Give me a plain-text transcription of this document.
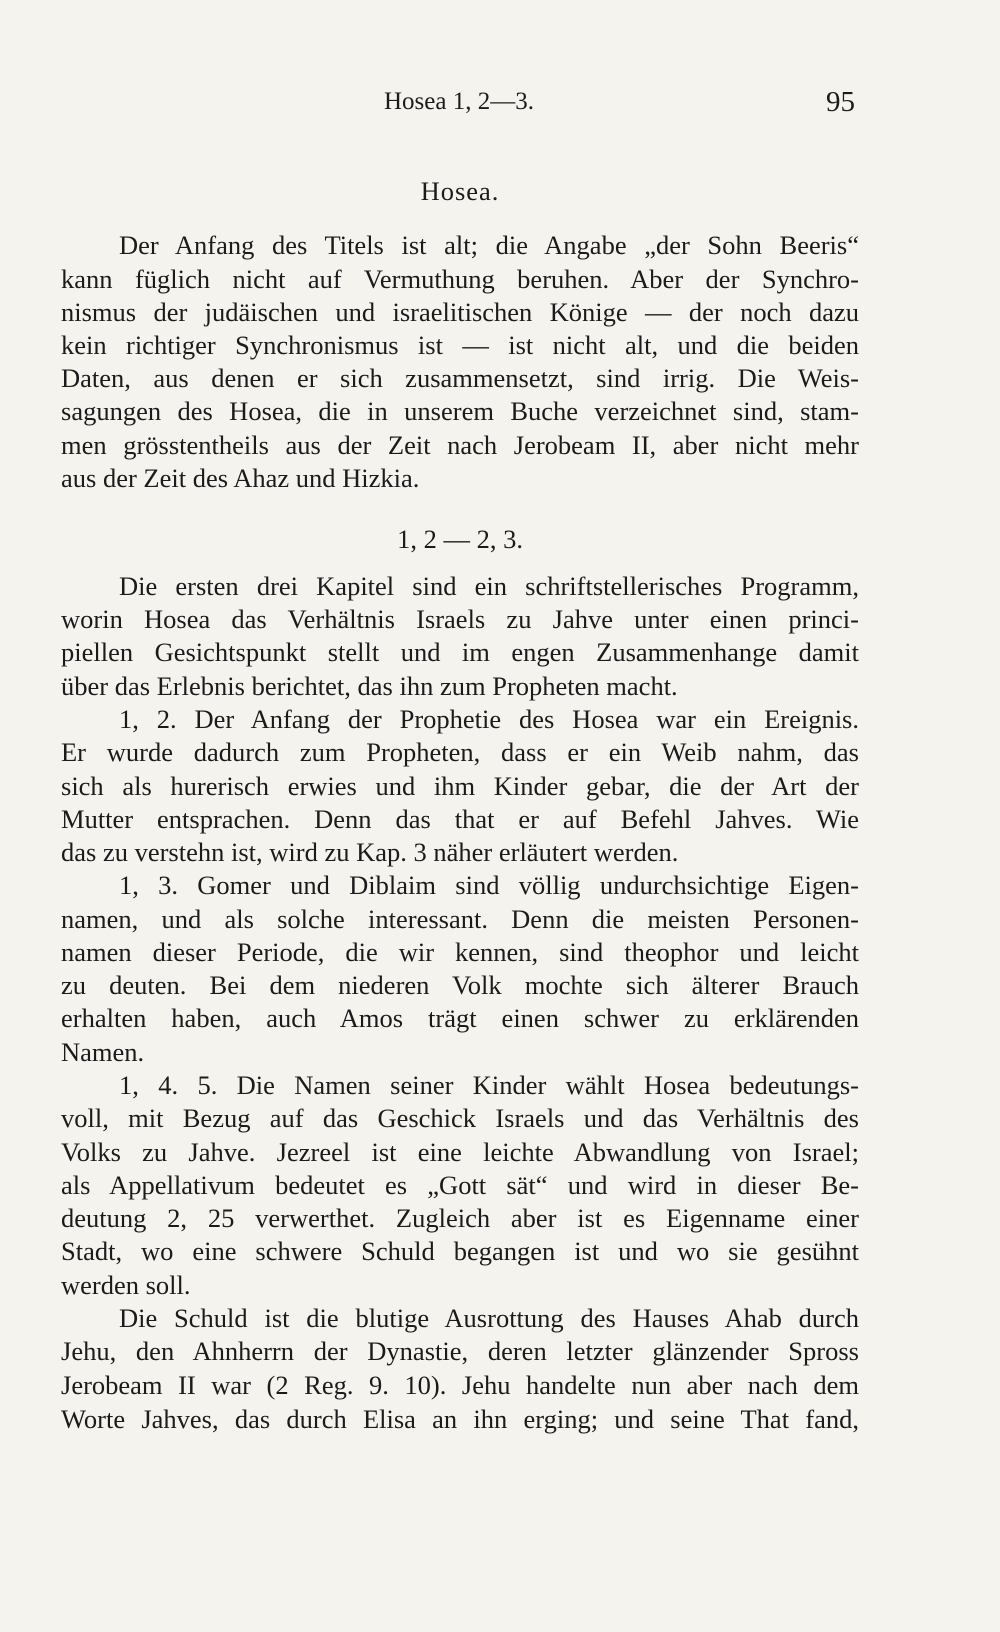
Hosea 1, 2—3.	95
Hosea.
Der Anfang des Titels ist alt; die Angabe „der Sohn Beeris“
kann füglich nicht auf Vermuthung beruhen. Aber der Synchro-
nismus der judäischen und israelitischen Könige — der noch dazu
kein richtiger Synchronismus ist — ist nicht alt, und die beiden
Daten, aus denen er sich zusammensetzt, sind irrig. Die Weis-
sagungen des Hosea, die in unserem Buche verzeichnet sind, stam-
men grösstentheils aus der Zeit nach Jerobeam II, aber nicht mehr
aus der Zeit des Ahaz und Hizkia.
1, 2 — 2, 3.
Die ersten drei Kapitel sind ein schriftstellerisches Programm,
worin Hosea das Verhältnis Israels zu Jahve unter einen princi-
piellen Gesichtspunkt stellt und im engen Zusammenhange damit
über das Erlebnis berichtet, das ihn zum Propheten macht.
1, 2. Der Anfang der Prophetie des Hosea war ein Ereignis.
Er wurde dadurch zum Propheten, dass er ein Weib nahm, das
sich als hurerisch erwies und ihm Kinder gebar, die der Art der
Mutter entsprachen. Denn das that er auf Befehl Jahves. Wie
das zu verstehn ist, wird zu Kap. 3 näher erläutert werden.
1, 3. Gomer und Diblaim sind völlig undurchsichtige Eigen-
namen, und als solche interessant. Denn die meisten Personen-
namen dieser Periode, die wir kennen, sind theophor und leicht
zu deuten. Bei dem niederen Volk mochte sich älterer Brauch
erhalten haben, auch Amos trägt einen schwer zu erklärenden
Namen.
1, 4. 5. Die Namen seiner Kinder wählt Hosea bedeutungs-
voll, mit Bezug auf das Geschick Israels und das Verhältnis des
Volks zu Jahve. Jezreel ist eine leichte Abwandlung von Israel;
als Appellativum bedeutet es „Gott sät“ und wird in dieser Be-
deutung 2, 25 verwerthet. Zugleich aber ist es Eigenname einer
Stadt, wo eine schwere Schuld begangen ist und wo sie gesühnt
werden soll.
Die Schuld ist die blutige Ausrottung des Hauses Ahab durch
Jehu, den Ahnherrn der Dynastie, deren letzter glänzender Spross
Jerobeam II war (2 Reg. 9. 10). Jehu handelte nun aber nach dem
Worte Jahves, das durch Elisa an ihn erging; und seine That fand,
